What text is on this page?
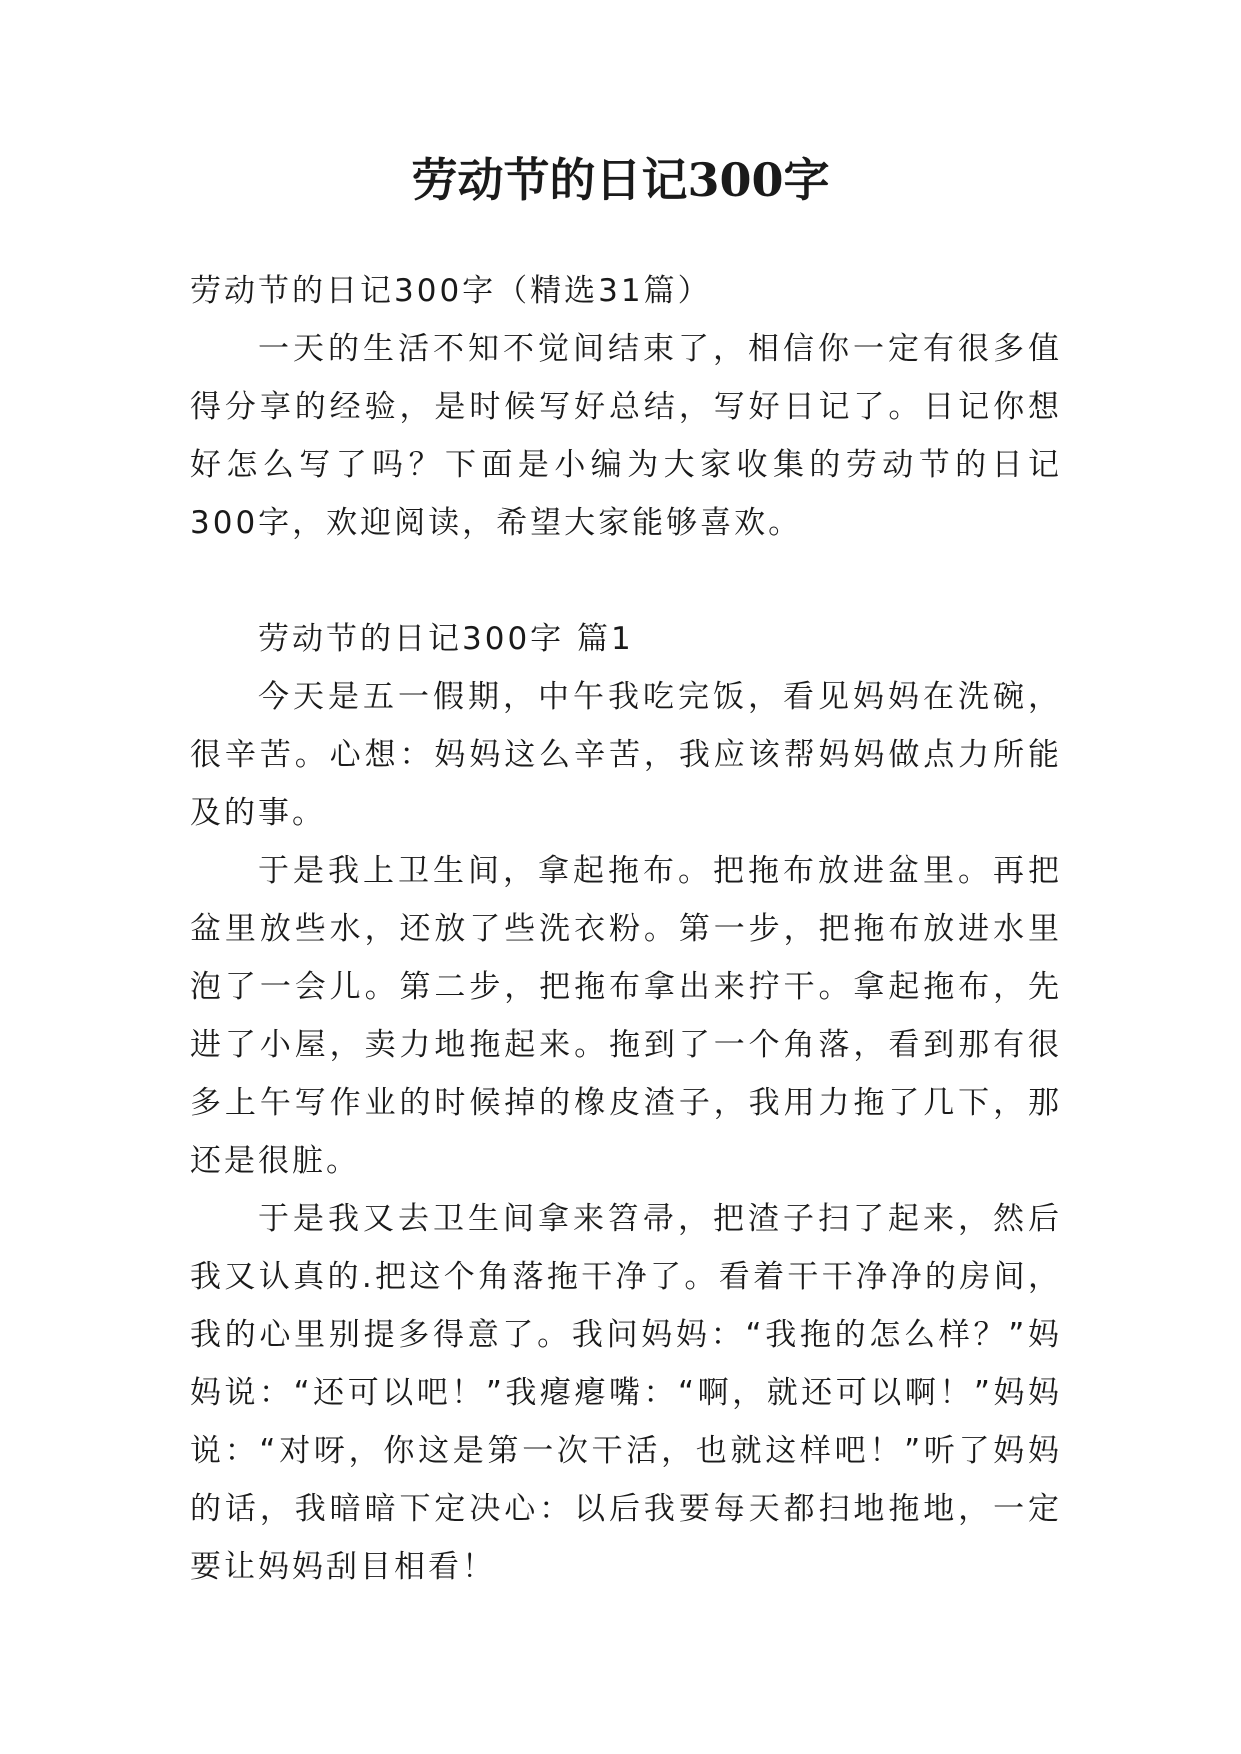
劳动节的日记300字

劳动节的日记300字（精选31篇）

一天的生活不知不觉间结束了，相信你一定有很多值得分享的经验，是时候写好总结，写好日记了。日记你想好怎么写了吗？下面是小编为大家收集的劳动节的日记300字，欢迎阅读，希望大家能够喜欢。

劳动节的日记300字 篇1

今天是五一假期，中午我吃完饭，看见妈妈在洗碗，很辛苦。心想：妈妈这么辛苦，我应该帮妈妈做点力所能及的事。

于是我上卫生间，拿起拖布。把拖布放进盆里。再把盆里放些水，还放了些洗衣粉。第一步，把拖布放进水里泡了一会儿。第二步，把拖布拿出来拧干。拿起拖布，先进了小屋，卖力地拖起来。拖到了一个角落，看到那有很多上午写作业的时候掉的橡皮渣子，我用力拖了几下，那还是很脏。

于是我又去卫生间拿来笤帚，把渣子扫了起来，然后我又认真的.把这个角落拖干净了。看着干干净净的房间，我的心里别提多得意了。我问妈妈：“我拖的怎么样？”妈妈说：“还可以吧！”我瘪瘪嘴：“啊，就还可以啊！”妈妈说：“对呀，你这是第一次干活，也就这样吧！”听了妈妈的话，我暗暗下定决心：以后我要每天都扫地拖地，一定要让妈妈刮目相看！
